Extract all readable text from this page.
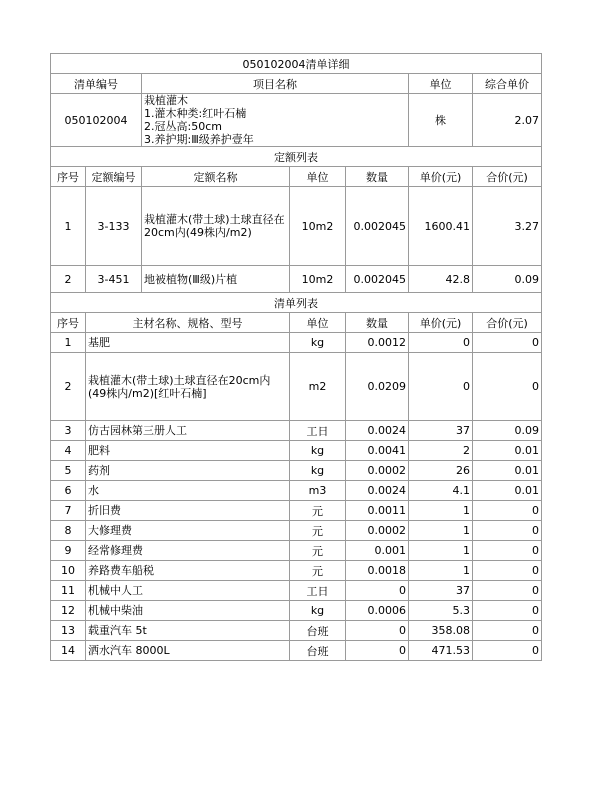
050102004清单详细						
清单编号		项目名称			单位	综合单价
050102004		栽植灌木
1.灌木种类:红叶石楠
2.冠丛高:50cm
3.养护期:Ⅲ级养护壹年			株	2.07
定额列表						
序号	定额编号	定额名称	单位	数量	单价(元)	合价(元)
1	3-133	栽植灌木(带土球)土球直径在20cm内(49株内/m2)	10m2	0.002045	1600.41	3.27
2	3-451	地被植物(Ⅲ级)片植	10m2	0.002045	42.8	0.09
清单列表						
序号	主材名称、规格、型号		单位	数量	单价(元)	合价(元)
1	基肥		kg	0.0012	0	0
2	栽植灌木(带土球)土球直径在20cm内(49株内/m2)[红叶石楠]		m2	0.0209	0	0
3	仿古园林第三册人工		工日	0.0024	37	0.09
4	肥料		kg	0.0041	2	0.01
5	药剂		kg	0.0002	26	0.01
6	水		m3	0.0024	4.1	0.01
7	折旧费		元	0.0011	1	0
8	大修理费		元	0.0002	1	0
9	经常修理费		元	0.001	1	0
10	养路费车船税		元	0.0018	1	0
11	机械中人工		工日	0	37	0
12	机械中柴油		kg	0.0006	5.3	0
13	载重汽车 5t		台班	0	358.08	0
14	洒水汽车 8000L		台班	0	471.53	0
